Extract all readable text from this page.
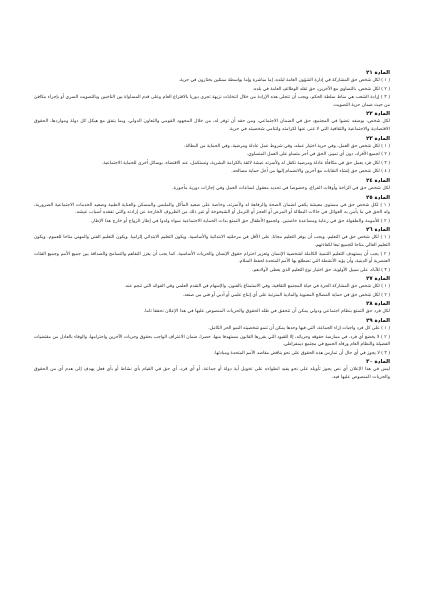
المادة ٢١
( ١ ) لكل شخص حق المشاركة في إدارة الشؤون العامة لبلده، إما مباشرة وإما بواسطة ممثلين يختارون في حرية.
( ٢ ) لكل شخص، بالتساوي مع الآخرين، حق تقلد الوظائف العامة في بلده.
( ٣ ) إرادة الشعب هي مناط سلطة الحكم، ويجب أن تتجلى هذه الإرادة من خلال انتخابات نزيهة تجرى دوريا بالاقتراع العام وعلى قدم المساواة بين الناخبين وبالتصويت السري أو بإجراء مكافئ من حيث ضمان حرية التصويت.
المادة ٢٢
لكل شخص، بوصفه عضوا في المجتمع، حق في الضمان الاجتماعي، ومن حقه أن توفر له، من خلال المجهود القومي والتعاون الدولي، وبما يتفق مع هيكل كل دولة ومواردها، الحقوق الاقتصادية والاجتماعية والثقافية التي لا غنى عنها لكرامته ولتنامي شخصيته في حرية.
المادة ٢٣
( ١ ) لكل شخص حق العمل، وفي حرية اختيار عمله، وفي شروط عمل عادلة ومرضية، وفي الحماية من البطالة.
( ٢ ) لجميع الأفراد، دون أي تمييز، الحق في أجر متساو على العمل المتساوي.
( ٣ ) لكل فرد يعمل حق في مكافأة عادلة ومرضية تكفل له ولأسرته عيشة لائقة بالكرامة البشرية، وتستكمل، عند الاقتضاء، بوسائل أخرى للحماية الاجتماعية.
( ٤ ) لكل شخص حق إنشاء النقابات مع آخرين والانضمام إليها من أجل حماية مصالحه.
المادة ٢٤
لكل شخص حق في الراحة وأوقات الفراغ، وخصوصا في تحديد معقول لساعات العمل وفي إجازات دورية مأجورة.
المادة ٢٥
( ١ ) لكل شخص حق في مستوى معيشة يكفي لضمان الصحة والرفاهة له ولأسرته، وخاصة على صعيد المأكل والملبس والمسكن والعناية الطبية وصعيد الخدمات الاجتماعية الضرورية، وله الحق في ما يأمن به الغوائل في حالات البطالة أو المرض أو العجز أو الترمل أو الشيخوخة أو غير ذلك من الظروف الخارجة عن إرادته والتي تفقده أسباب عيشه.
( ٢ ) للأمومة والطفولة حق في رعاية ومساعدة خاصتين. ولجميع الأطفال حق التمتع بذات الحماية الاجتماعية سواء ولدوا في إطار الزواج أو خارج هذا الإطار.
المادة ٢٦
( ١ ) لكل شخص حق في التعليم. ويجب أن يوفر التعليم مجانا، على الأقل في مرحلتيه الابتدائية والأساسية. ويكون التعليم الابتدائي إلزاميا. ويكون التعليم الفني والمهني متاحا للعموم. ويكون التعليم العالي متاحا للجميع تبعا لكفاءتهم.
( ٢ ) يجب أن يستهدف التعليم التنمية الكاملة لشخصية الإنسان وتعزيز احترام حقوق الإنسان والحريات الأساسية. كما يجب أن يعزز التفاهم والتسامح والصداقة بين جميع الأمم وجميع الفئات العنصرية أو الدينية، وأن يؤيد الأنشطة التي تضطلع بها الأمم المتحدة لحفظ السلام.
( ٣ ) للآباء، على سبيل الأولوية، حق اختيار نوع التعليم الذي يعطى لأولادهم.
المادة ٢٧
( ١ ) لكل شخص حق المشاركة الحرة في حياة المجتمع الثقافية، وفي الاستمتاع بالفنون، والإسهام في التقدم العلمي وفي الفوائد التي تنجم عنه.
( ٢ ) لكل شخص حق في حماية المصالح المعنوية والمادية المترتبة على أي إنتاج علمي أو أدبي أو فني من صنعه.
المادة ٢٨
لكل فرد حق التمتع بنظام اجتماعي ودولي يمكن أن تتحقق في ظله الحقوق والحريات المنصوص عليها في هذا الإعلان تحققا تاما.
المادة ٢٩
( ١ ) على كل فرد واجبات إزاء الجماعة، التي فيها وحدها يمكن أن تنمو شخصيته النمو الحر الكامل.
( ٢ ) لا يخضع أي فرد، في ممارسة حقوقه وحرياته، إلا للقيود التي يقررها القانون مستهدفا منها، حصرا، ضمان الاعتراف الواجب بحقوق وحريات الآخرين واحترامها، والوفاء بالعادل من مقتضيات الفضيلة والنظام العام ورفاه الجميع في مجتمع ديمقراطي.
( ٣ ) لا يجوز في أي حال أن تمارس هذه الحقوق على نحو يناقض مقاصد الأمم المتحدة ومبادئها.
المادة ٣٠
ليس في هذا الإعلان أي نص يجوز تأويله على نحو يفيد انطواءه على تخويل أية دولة أو جماعة، أو أي فرد، أي حق في القيام بأي نشاط أو بأي فعل يهدف إلى هدم أي من الحقوق والحريات المنصوص عليها فيه.
